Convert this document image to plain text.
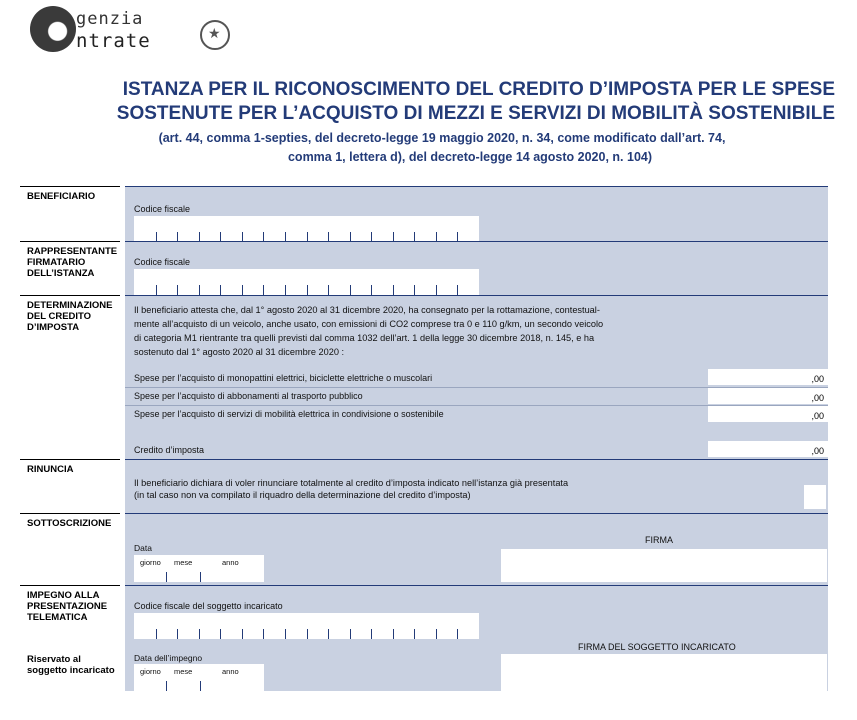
genzia
ntrate
★
ISTANZA PER IL RICONOSCIMENTO DEL CREDITO D’IMPOSTA PER LE SPESE
SOSTENUTE PER L’ACQUISTO DI MEZZI E SERVIZI DI MOBILITÀ SOSTENIBILE
(art. 44, comma 1-septies, del decreto-legge 19 maggio 2020, n. 34, come modificato dall’art. 74,
comma 1, lettera d), del decreto-legge 14 agosto 2020, n. 104)
BENEFICIARIO
Codice fiscale
RAPPRESENTANTE
FIRMATARIO
DELL’ISTANZA
Codice fiscale
DETERMINAZIONE
DEL CREDITO
D’IMPOSTA
Il beneficiario attesta che, dal 1° agosto 2020 al 31 dicembre 2020, ha consegnato per la rottamazione, contestual-
mente all’acquisto di un veicolo, anche usato, con emissioni di CO2 comprese tra 0 e 110 g/km, un secondo veicolo
di categoria M1 rientrante tra quelli previsti dal comma 1032 dell’art. 1 della legge 30 dicembre 2018, n. 145, e ha
sostenuto dal 1° agosto 2020 al 31 dicembre 2020 :
Spese per l’acquisto di monopattini elettrici, biciclette elettriche o muscolari	,00
Spese per l’acquisto di abbonamenti al trasporto pubblico	,00
Spese per l’acquisto di servizi di mobilità elettrica in condivisione o sostenibile	,00
Credito d’imposta	,00
RINUNCIA
Il beneficiario dichiara di voler rinunciare totalmente al credito d’imposta indicato nell’istanza già presentata
(in tal caso non va compilato il riquadro della determinazione del credito d’imposta)
SOTTOSCRIZIONE
Data
giorno mese	anno
FIRMA
IMPEGNO ALLA
PRESENTAZIONE
TELEMATICA
Codice fiscale del soggetto incaricato
Riservato al
soggetto incaricato
Data dell’impegno
giorno mese	anno
FIRMA DEL SOGGETTO INCARICATO
